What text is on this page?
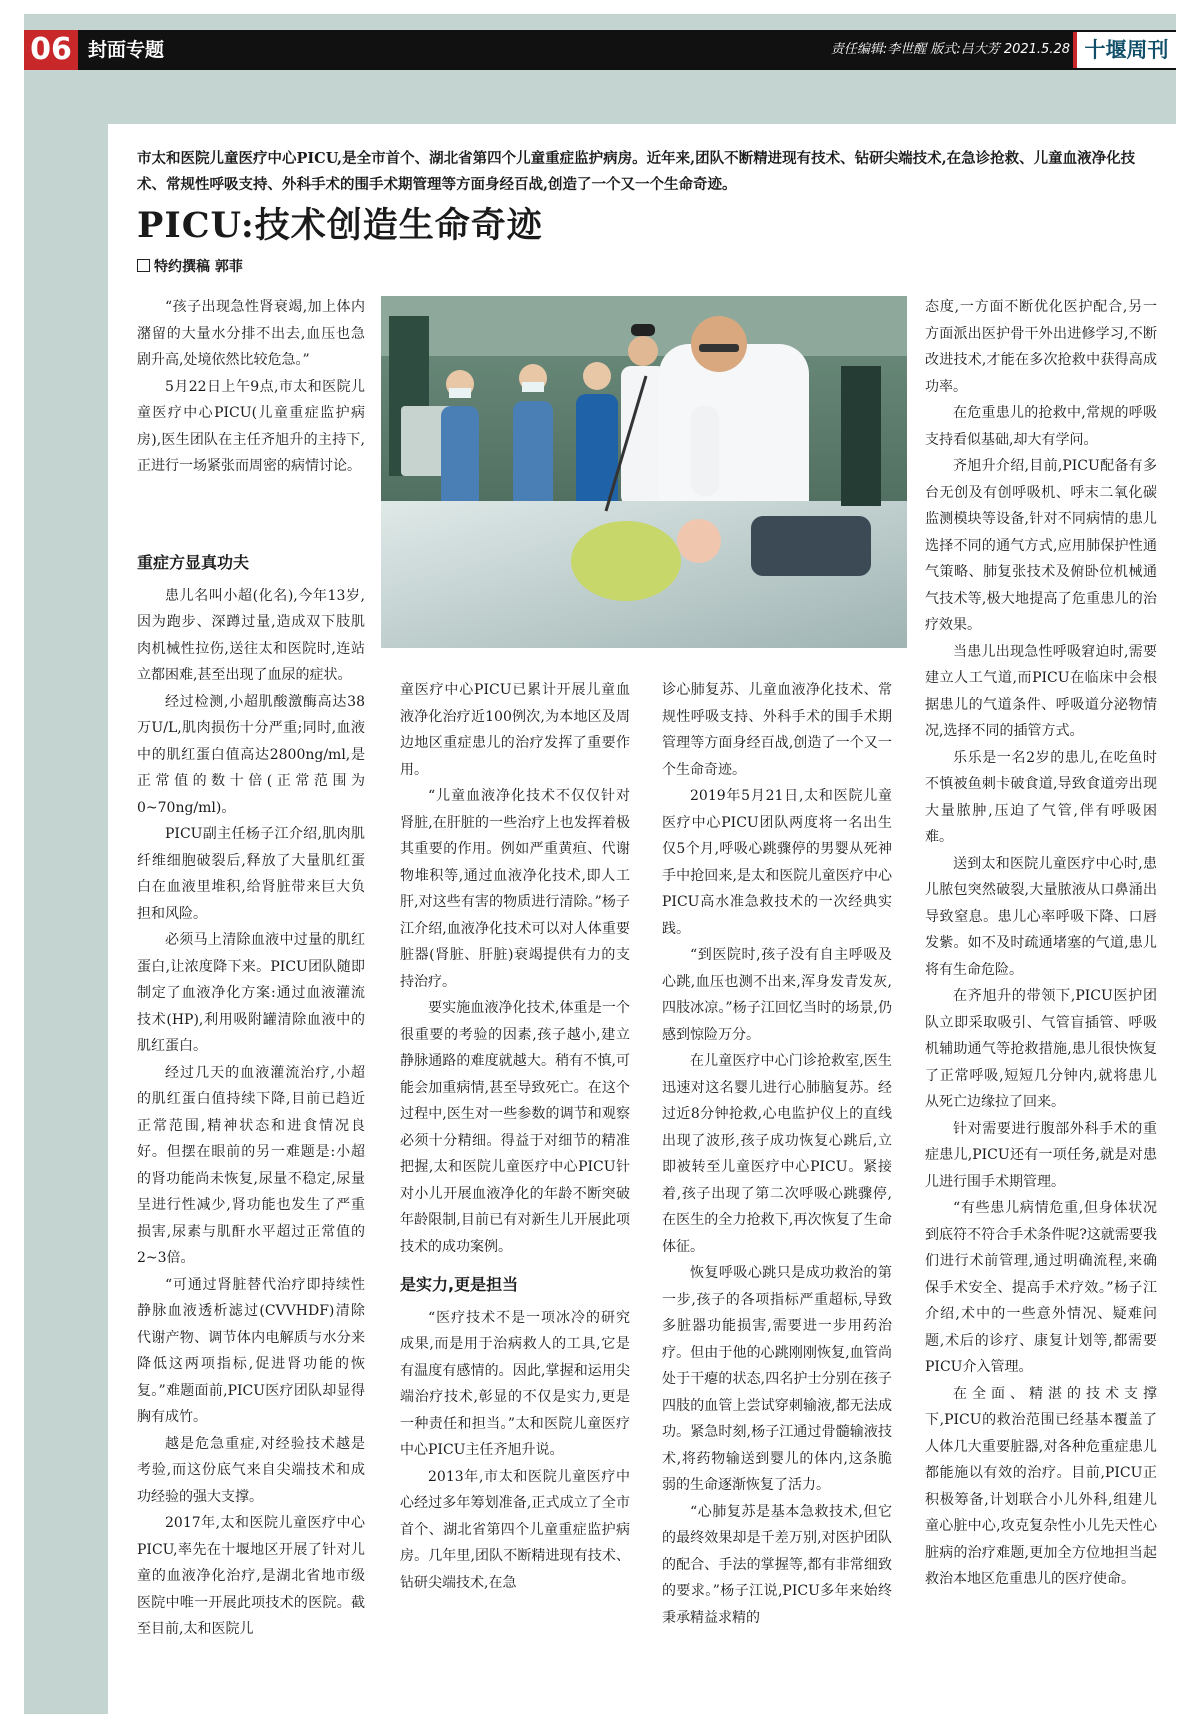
06 封面专题	责任编辑:李世醒 版式:吕大芳 2021.5.28 十堰周刊

市太和医院儿童医疗中心PICU,是全市首个、湖北省第四个儿童重症监护病房。近年来,团队不断精进现有技术、钻研尖端技术,在急诊抢救、儿童血液净化技术、常规性呼吸支持、外科手术的围手术期管理等方面身经百战,创造了一个又一个生命奇迹。

PICU:技术创造生命奇迹
特约撰稿 郭菲

“孩子出现急性肾衰竭,加上体内潴留的大量水分排不出去,血压也急剧升高,处境依然比较危急。”

5月22日上午9点,市太和医院儿童医疗中心PICU(儿童重症监护病房),医生团队在主任齐旭升的主持下,正进行一场紧张而周密的病情讨论。

重症方显真功夫

患儿名叫小超(化名),今年13岁,因为跑步、深蹲过量,造成双下肢肌肉机械性拉伤,送往太和医院时,连站立都困难,甚至出现了血尿的症状。

经过检测,小超肌酸激酶高达38万U/L,肌肉损伤十分严重;同时,血液中的肌红蛋白值高达2800ng/ml,是正常值的数十倍(正常范围为0~70ng/ml)。

PICU副主任杨子江介绍,肌肉肌纤维细胞破裂后,释放了大量肌红蛋白在血液里堆积,给肾脏带来巨大负担和风险。

必须马上清除血液中过量的肌红蛋白,让浓度降下来。PICU团队随即制定了血液净化方案:通过血液灌流技术(HP),利用吸附罐清除血液中的肌红蛋白。

经过几天的血液灌流治疗,小超的肌红蛋白值持续下降,目前已趋近正常范围,精神状态和进食情况良好。但摆在眼前的另一难题是:小超的肾功能尚未恢复,尿量不稳定,尿量呈进行性减少,肾功能也发生了严重损害,尿素与肌酐水平超过正常值的2~3倍。

“可通过肾脏替代治疗即持续性静脉血液透析滤过(CVVHDF)清除代谢产物、调节体内电解质与水分来降低这两项指标,促进肾功能的恢复。”难题面前,PICU医疗团队却显得胸有成竹。

越是危急重症,对经验技术越是考验,而这份底气来自尖端技术和成功经验的强大支撑。

2017年,太和医院儿童医疗中心PICU,率先在十堰地区开展了针对儿童的血液净化治疗,是湖北省地市级医院中唯一开展此项技术的医院。截至目前,太和医院儿

童医疗中心PICU已累计开展儿童血液净化治疗近100例次,为本地区及周边地区重症患儿的治疗发挥了重要作用。

“儿童血液净化技术不仅仅针对肾脏,在肝脏的一些治疗上也发挥着极其重要的作用。例如严重黄疸、代谢物堆积等,通过血液净化技术,即人工肝,对这些有害的物质进行清除。”杨子江介绍,血液净化技术可以对人体重要脏器(肾脏、肝脏)衰竭提供有力的支持治疗。

要实施血液净化技术,体重是一个很重要的考验的因素,孩子越小,建立静脉通路的难度就越大。稍有不慎,可能会加重病情,甚至导致死亡。在这个过程中,医生对一些参数的调节和观察必须十分精细。得益于对细节的精准把握,太和医院儿童医疗中心PICU针对小儿开展血液净化的年龄不断突破年龄限制,目前已有对新生儿开展此项技术的成功案例。

是实力,更是担当

“医疗技术不是一项冰冷的研究成果,而是用于治病救人的工具,它是有温度有感情的。因此,掌握和运用尖端治疗技术,彰显的不仅是实力,更是一种责任和担当。”太和医院儿童医疗中心PICU主任齐旭升说。

2013年,市太和医院儿童医疗中心经过多年筹划准备,正式成立了全市首个、湖北省第四个儿童重症监护病房。几年里,团队不断精进现有技术、钻研尖端技术,在急

诊心肺复苏、儿童血液净化技术、常规性呼吸支持、外科手术的围手术期管理等方面身经百战,创造了一个又一个生命奇迹。

2019年5月21日,太和医院儿童医疗中心PICU团队两度将一名出生仅5个月,呼吸心跳骤停的男婴从死神手中抢回来,是太和医院儿童医疗中心PICU高水准急救技术的一次经典实践。

“到医院时,孩子没有自主呼吸及心跳,血压也测不出来,浑身发青发灰,四肢冰凉。”杨子江回忆当时的场景,仍感到惊险万分。

在儿童医疗中心门诊抢救室,医生迅速对这名婴儿进行心肺脑复苏。经过近8分钟抢救,心电监护仪上的直线出现了波形,孩子成功恢复心跳后,立即被转至儿童医疗中心PICU。紧接着,孩子出现了第二次呼吸心跳骤停,在医生的全力抢救下,再次恢复了生命体征。

恢复呼吸心跳只是成功救治的第一步,孩子的各项指标严重超标,导致多脏器功能损害,需要进一步用药治疗。但由于他的心跳刚刚恢复,血管尚处于干瘪的状态,四名护士分别在孩子四肢的血管上尝试穿刺输液,都无法成功。紧急时刻,杨子江通过骨髓输液技术,将药物输送到婴儿的体内,这条脆弱的生命逐渐恢复了活力。

“心肺复苏是基本急救技术,但它的最终效果却是千差万别,对医护团队的配合、手法的掌握等,都有非常细致的要求。”杨子江说,PICU多年来始终秉承精益求精的

态度,一方面不断优化医护配合,另一方面派出医护骨干外出进修学习,不断改进技术,才能在多次抢救中获得高成功率。

在危重患儿的抢救中,常规的呼吸支持看似基础,却大有学问。

齐旭升介绍,目前,PICU配备有多台无创及有创呼吸机、呼末二氧化碳监测模块等设备,针对不同病情的患儿选择不同的通气方式,应用肺保护性通气策略、肺复张技术及俯卧位机械通气技术等,极大地提高了危重患儿的治疗效果。

当患儿出现急性呼吸窘迫时,需要建立人工气道,而PICU在临床中会根据患儿的气道条件、呼吸道分泌物情况,选择不同的插管方式。

乐乐是一名2岁的患儿,在吃鱼时不慎被鱼刺卡破食道,导致食道旁出现大量脓肿,压迫了气管,伴有呼吸困难。

送到太和医院儿童医疗中心时,患儿脓包突然破裂,大量脓液从口鼻涌出导致窒息。患儿心率呼吸下降、口唇发紫。如不及时疏通堵塞的气道,患儿将有生命危险。

在齐旭升的带领下,PICU医护团队立即采取吸引、气管盲插管、呼吸机辅助通气等抢救措施,患儿很快恢复了正常呼吸,短短几分钟内,就将患儿从死亡边缘拉了回来。

针对需要进行腹部外科手术的重症患儿,PICU还有一项任务,就是对患儿进行围手术期管理。

“有些患儿病情危重,但身体状况到底符不符合手术条件呢?这就需要我们进行术前管理,通过明确流程,来确保手术安全、提高手术疗效。”杨子江介绍,术中的一些意外情况、疑难问题,术后的诊疗、康复计划等,都需要PICU介入管理。

在全面、精湛的技术支撑下,PICU的救治范围已经基本覆盖了人体几大重要脏器,对各种危重症患儿都能施以有效的治疗。目前,PICU正积极筹备,计划联合小儿外科,组建儿童心脏中心,攻克复杂性小儿先天性心脏病的治疗难题,更加全方位地担当起救治本地区危重患儿的医疗使命。
